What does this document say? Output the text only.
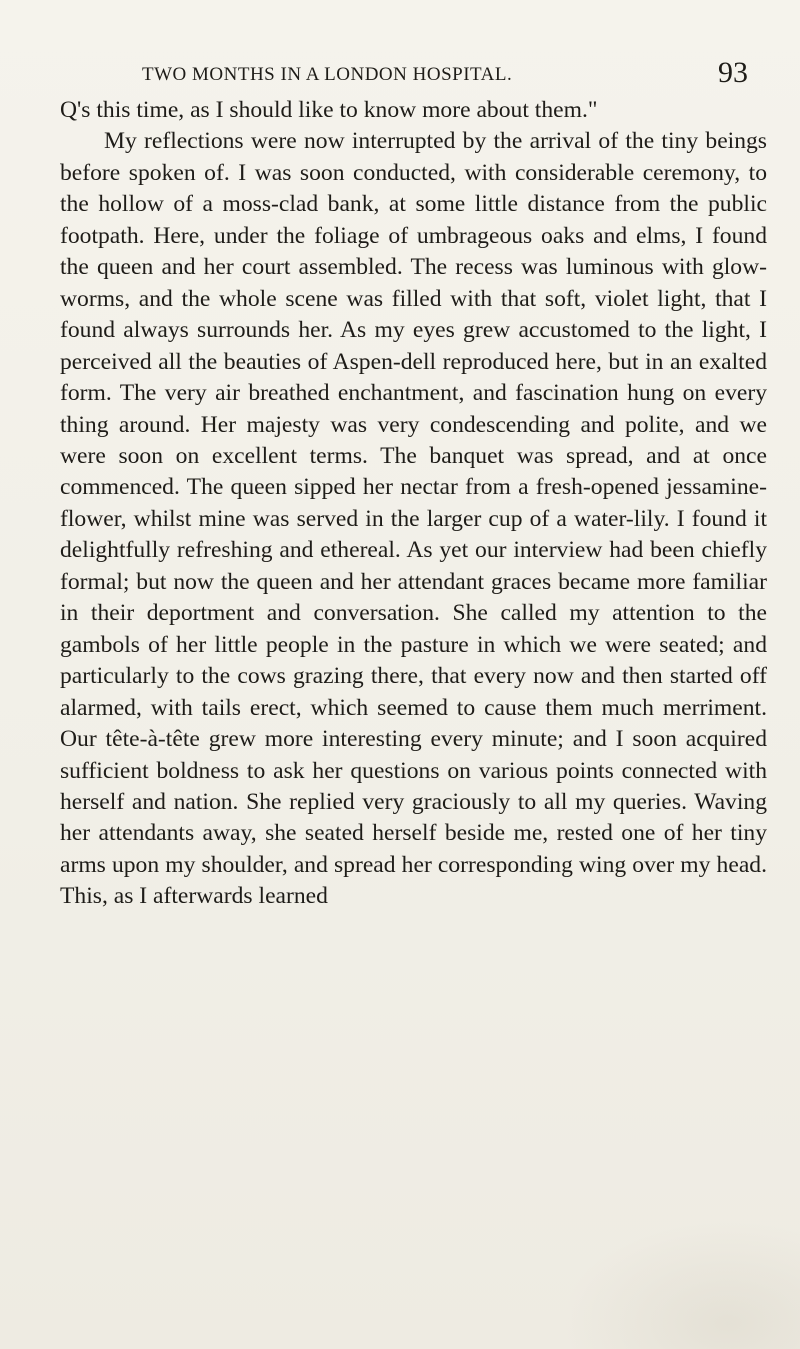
TWO MONTHS IN A LONDON HOSPITAL.	93

Q's this time, as I should like to know more about them."

My reflections were now interrupted by the arrival of the tiny beings before spoken of. I was soon conducted, with considerable ceremony, to the hollow of a moss-clad bank, at some little distance from the public footpath. Here, under the foliage of umbrageous oaks and elms, I found the queen and her court assembled. The recess was luminous with glow-worms, and the whole scene was filled with that soft, violet light, that I found always surrounds her. As my eyes grew accustomed to the light, I perceived all the beauties of Aspen-dell reproduced here, but in an exalted form. The very air breathed enchantment, and fascination hung on every thing around. Her majesty was very condescending and polite, and we were soon on excellent terms. The banquet was spread, and at once commenced. The queen sipped her nectar from a fresh-opened jessamine-flower, whilst mine was served in the larger cup of a water-lily. I found it delightfully refreshing and ethereal. As yet our interview had been chiefly formal; but now the queen and her attendant graces became more familiar in their deportment and conversation. She called my attention to the gambols of her little people in the pasture in which we were seated; and particularly to the cows grazing there, that every now and then started off alarmed, with tails erect, which seemed to cause them much merriment. Our tête-à-tête grew more interesting every minute; and I soon acquired sufficient boldness to ask her questions on various points connected with herself and nation. She replied very graciously to all my queries. Waving her attendants away, she seated herself beside me, rested one of her tiny arms upon my shoulder, and spread her corresponding wing over my head. This, as I afterwards learned
